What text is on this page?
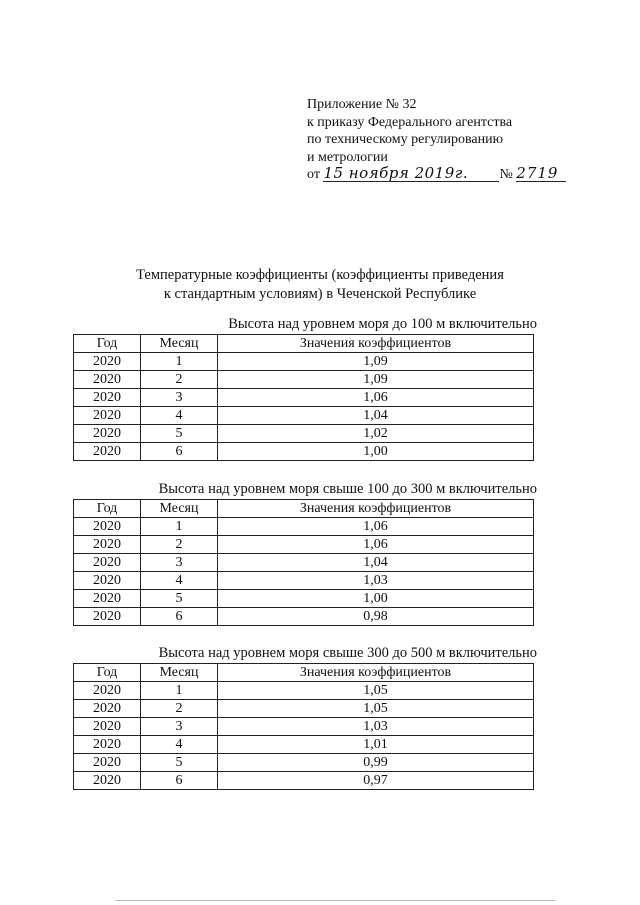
Приложение № 32
к приказу Федерального агентства
по техническому регулированию
и метрологии
от 15 ноября 2019г. № 2719
Температурные коэффициенты (коэффициенты приведения
к стандартным условиям) в Чеченской Республике
Высота над уровнем моря до 100 м включительно
Год	Месяц	Значения коэффициентов
2020	1	1,09
2020	2	1,09
2020	3	1,06
2020	4	1,04
2020	5	1,02
2020	6	1,00
Высота над уровнем моря свыше 100 до 300 м включительно
Год	Месяц	Значения коэффициентов
2020	1	1,06
2020	2	1,06
2020	3	1,04
2020	4	1,03
2020	5	1,00
2020	6	0,98
Высота над уровнем моря свыше 300 до 500 м включительно
Год	Месяц	Значения коэффициентов
2020	1	1,05
2020	2	1,05
2020	3	1,03
2020	4	1,01
2020	5	0,99
2020	6	0,97
